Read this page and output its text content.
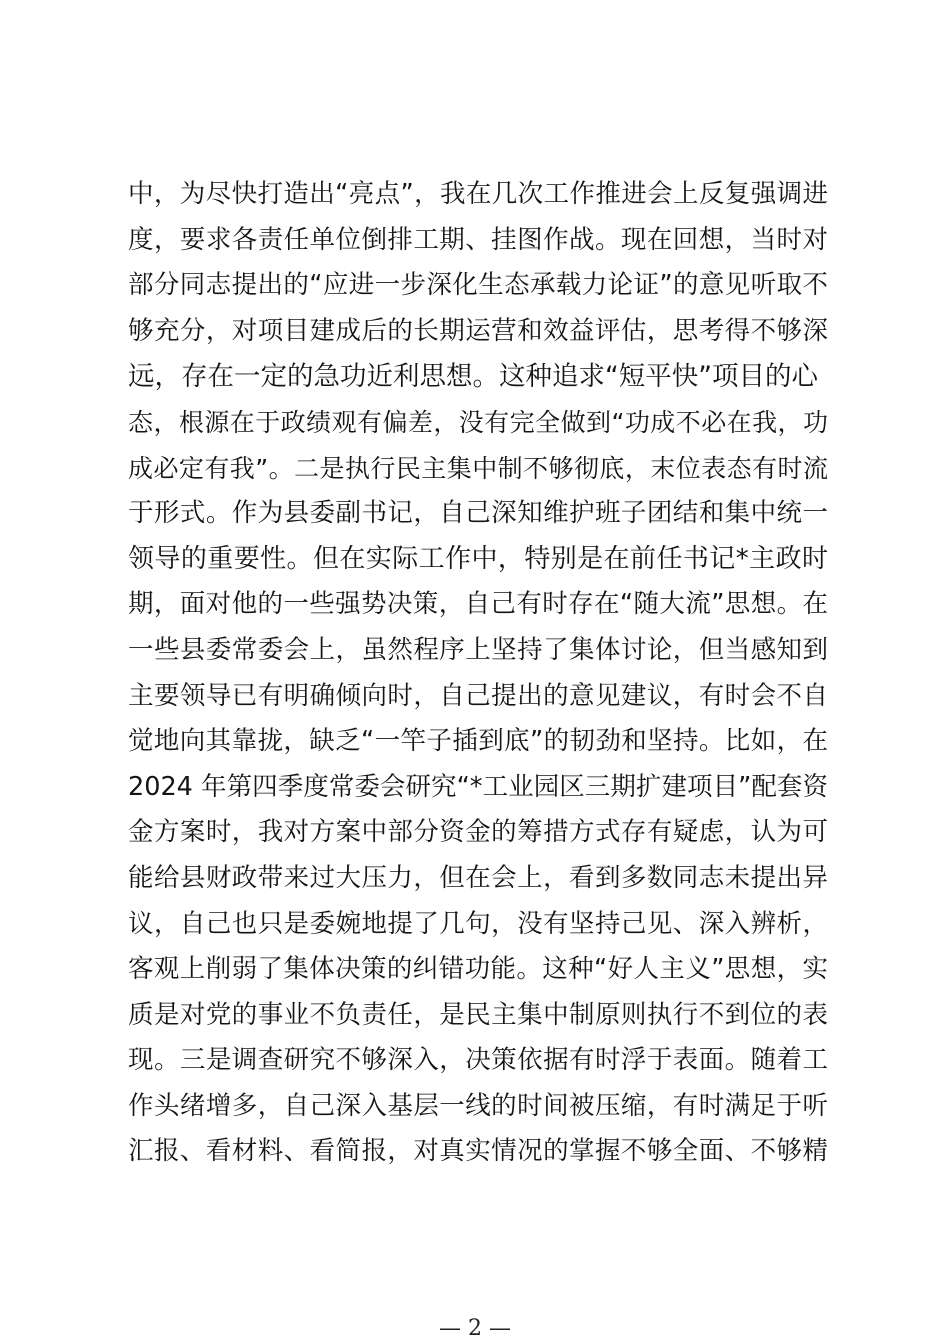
中，为尽快打造出“亮点”，我在几次工作推进会上反复强调进
度，要求各责任单位倒排工期、挂图作战。现在回想，当时对
部分同志提出的“应进一步深化生态承载力论证”的意见听取不
够充分，对项目建成后的长期运营和效益评估，思考得不够深
远，存在一定的急功近利思想。这种追求“短平快”项目的心
态，根源在于政绩观有偏差，没有完全做到“功成不必在我，功
成必定有我”。二是执行民主集中制不够彻底，末位表态有时流
于形式。作为县委副书记，自己深知维护班子团结和集中统一
领导的重要性。但在实际工作中，特别是在前任书记*主政时
期，面对他的一些强势决策，自己有时存在“随大流”思想。在
一些县委常委会上，虽然程序上坚持了集体讨论，但当感知到
主要领导已有明确倾向时，自己提出的意见建议，有时会不自
觉地向其靠拢，缺乏“一竿子插到底”的韧劲和坚持。比如，在
2024 年第四季度常委会研究“*工业园区三期扩建项目”配套资
金方案时，我对方案中部分资金的筹措方式存有疑虑，认为可
能给县财政带来过大压力，但在会上，看到多数同志未提出异
议，自己也只是委婉地提了几句，没有坚持己见、深入辨析，
客观上削弱了集体决策的纠错功能。这种“好人主义”思想，实
质是对党的事业不负责任，是民主集中制原则执行不到位的表
现。三是调查研究不够深入，决策依据有时浮于表面。随着工
作头绪增多，自己深入基层一线的时间被压缩，有时满足于听
汇报、看材料、看简报，对真实情况的掌握不够全面、不够精
— 2 —
